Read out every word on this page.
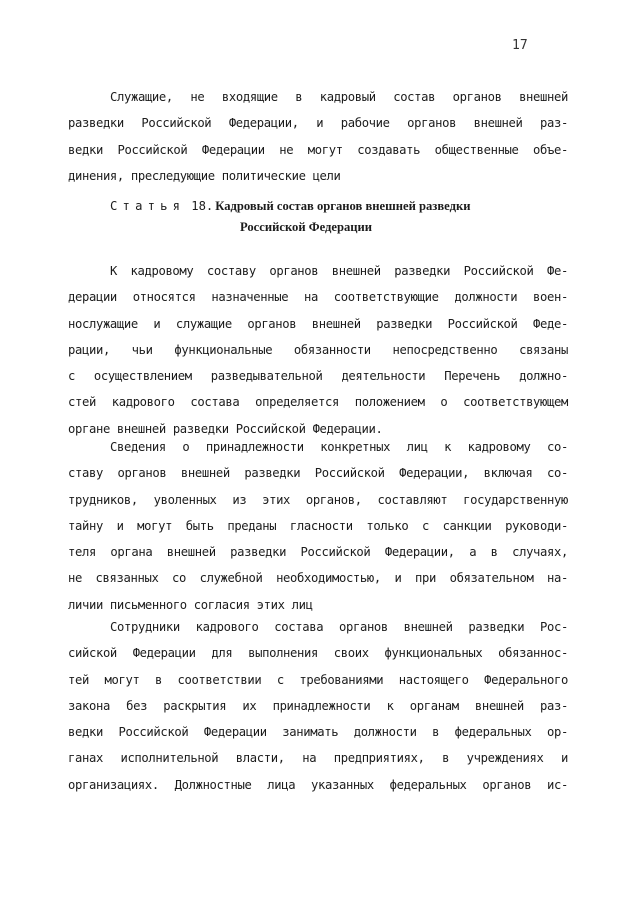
17
Служащие, не входящие в кадровый состав органов внешней
разведки Российской Федерации, и рабочие органов внешней раз-
ведки Российской Федерации не могут создавать общественные объе-
динения, преследующие политические цели
Статья 18. Кадровый состав органов внешней разведки
Российской Федерации
К кадровому составу органов внешней разведки Российской Фе-
дерации относятся назначенные на соответствующие должности воен-
нослужащие и служащие органов внешней разведки Российской Феде-
рации, чьи функциональные обязанности непосредственно связаны
с осуществлением разведывательной деятельности Перечень должно-
стей кадрового состава определяется положением о соответствующем
органе внешней разведки Российской Федерации.
Сведения о принадлежности конкретных лиц к кадровому со-
ставу органов внешней разведки Российской Федерации, включая со-
трудников, уволенных из этих органов, составляют государственную
тайну и могут быть преданы гласности только с санкции руководи-
теля органа внешней разведки Российской Федерации, а в случаях,
не связанных со служебной необходимостью, и при обязательном на-
личии письменного согласия этих лиц
Сотрудники кадрового состава органов внешней разведки Рос-
сийской Федерации для выполнения своих функциональных обязаннос-
тей могут в соответствии с требованиями настоящего Федерального
закона без раскрытия их принадлежности к органам внешней раз-
ведки Российской Федерации занимать должности в федеральных ор-
ганах исполнительной власти, на предприятиях, в учреждениях и
организациях. Должностные лица указанных федеральных органов ис-
